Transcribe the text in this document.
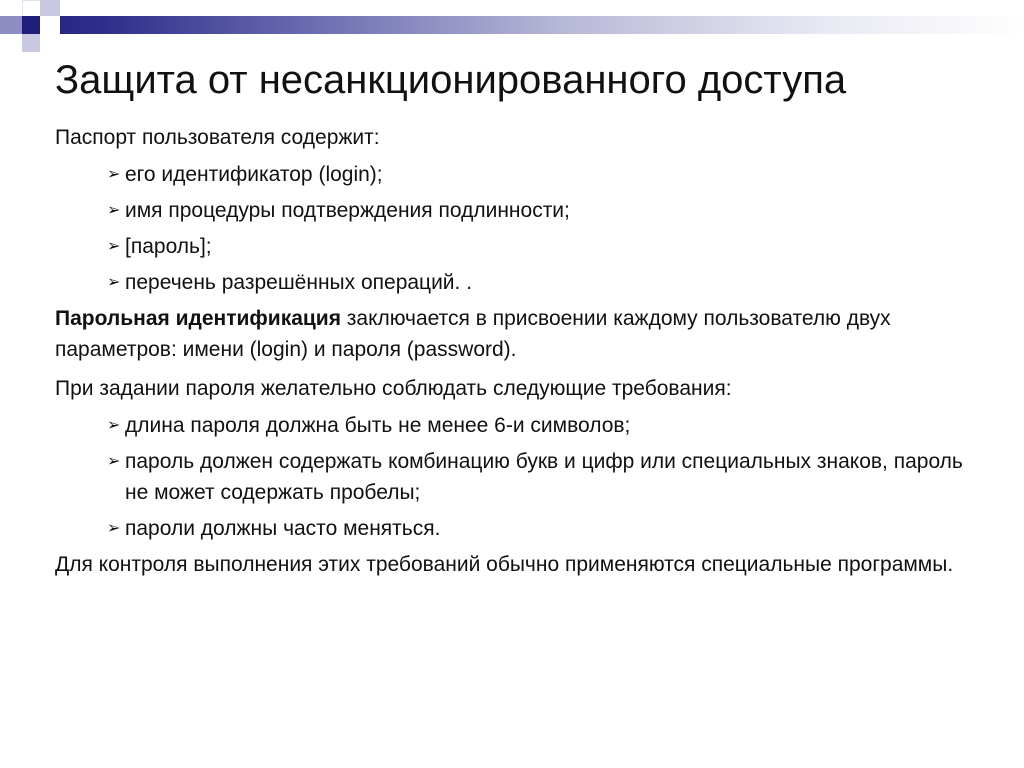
Защита от несанкционированного доступа
Паспорт пользователя содержит:
➢ его идентификатор (login);
➢ имя процедуры подтверждения подлинности;
➢ [пароль];
➢ перечень разрешённых операций. .
Парольная идентификация заключается в присвоении каждому пользователю двух параметров: имени (login) и пароля (password).
При задании пароля желательно соблюдать следующие требования:
➢ длина пароля должна быть не менее 6-и символов;
➢ пароль должен содержать комбинацию букв и цифр или специальных знаков, пароль не может содержать пробелы;
➢ пароли должны часто меняться.
Для контроля выполнения этих требований обычно применяются специальные программы.
